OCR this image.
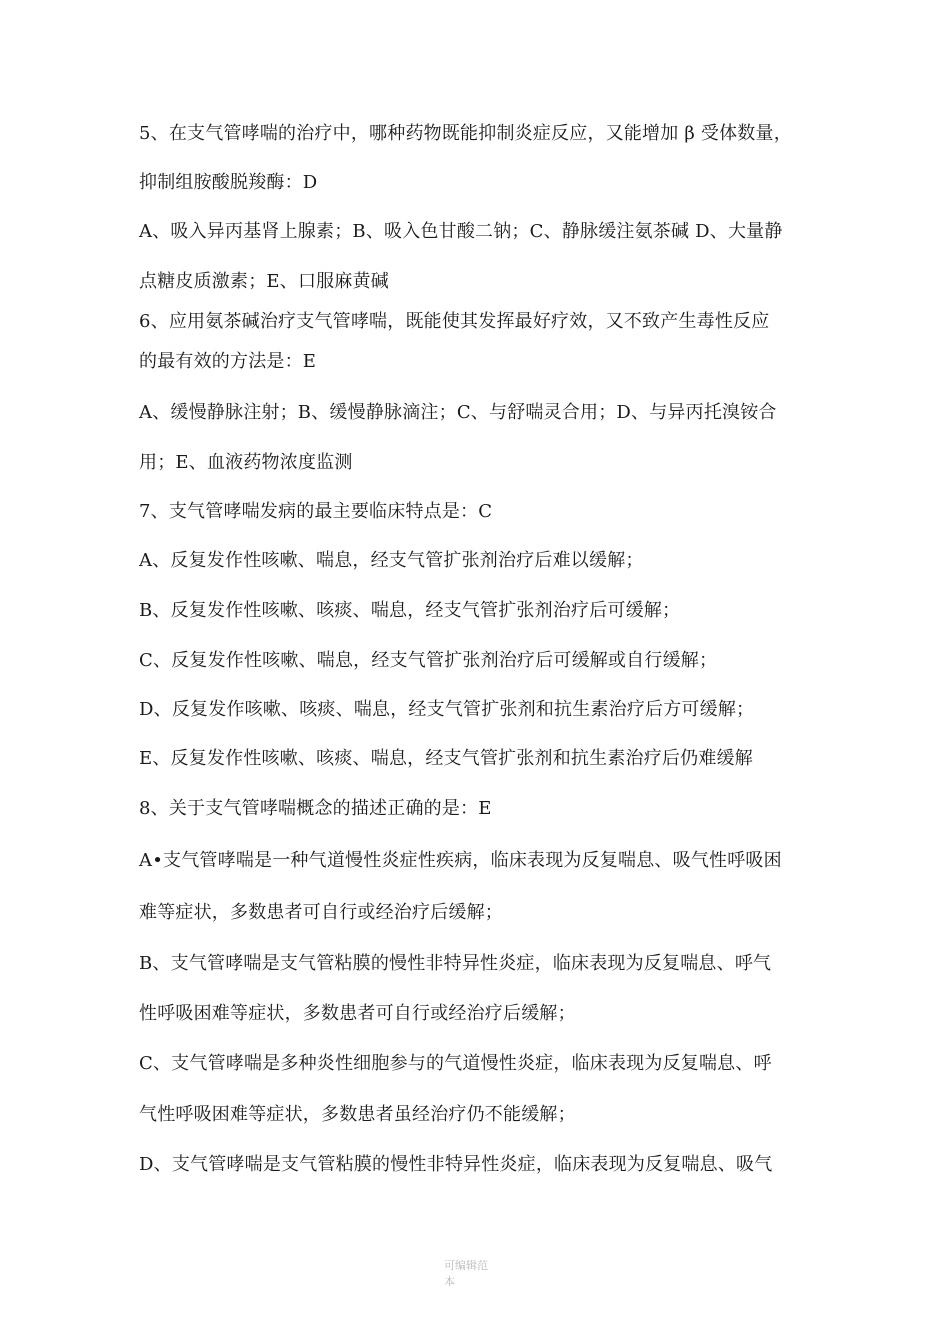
5、在支气管哮喘的治疗中，哪种药物既能抑制炎症反应，又能增加 β 受体数量，
抑制组胺酸脱羧酶：D
A、吸入异丙基肾上腺素；B、吸入色甘酸二钠；C、静脉缓注氨茶碱 D、大量静
点糖皮质激素；E、口服麻黄碱
6、应用氨茶碱治疗支气管哮喘，既能使其发挥最好疗效，又不致产生毒性反应
的最有效的方法是：E
A、缓慢静脉注射；B、缓慢静脉滴注；C、与舒喘灵合用；D、与异丙托溴铵合
用；E、血液药物浓度监测
7、支气管哮喘发病的最主要临床特点是：C
A、反复发作性咳嗽、喘息，经支气管扩张剂治疗后难以缓解；
B、反复发作性咳嗽、咳痰、喘息，经支气管扩张剂治疗后可缓解；
C、反复发作性咳嗽、喘息，经支气管扩张剂治疗后可缓解或自行缓解；
D、反复发作咳嗽、咳痰、喘息，经支气管扩张剂和抗生素治疗后方可缓解；
E、反复发作性咳嗽、咳痰、喘息，经支气管扩张剂和抗生素治疗后仍难缓解
8、关于支气管哮喘概念的描述正确的是：E
A•支气管哮喘是一种气道慢性炎症性疾病，临床表现为反复喘息、吸气性呼吸困
难等症状，多数患者可自行或经治疗后缓解；
B、支气管哮喘是支气管粘膜的慢性非特异性炎症，临床表现为反复喘息、呼气
性呼吸困难等症状，多数患者可自行或经治疗后缓解；
C、支气管哮喘是多种炎性细胞参与的气道慢性炎症，临床表现为反复喘息、呼
气性呼吸困难等症状，多数患者虽经治疗仍不能缓解；
D、支气管哮喘是支气管粘膜的慢性非特异性炎症，临床表现为反复喘息、吸气
可编辑范
本
